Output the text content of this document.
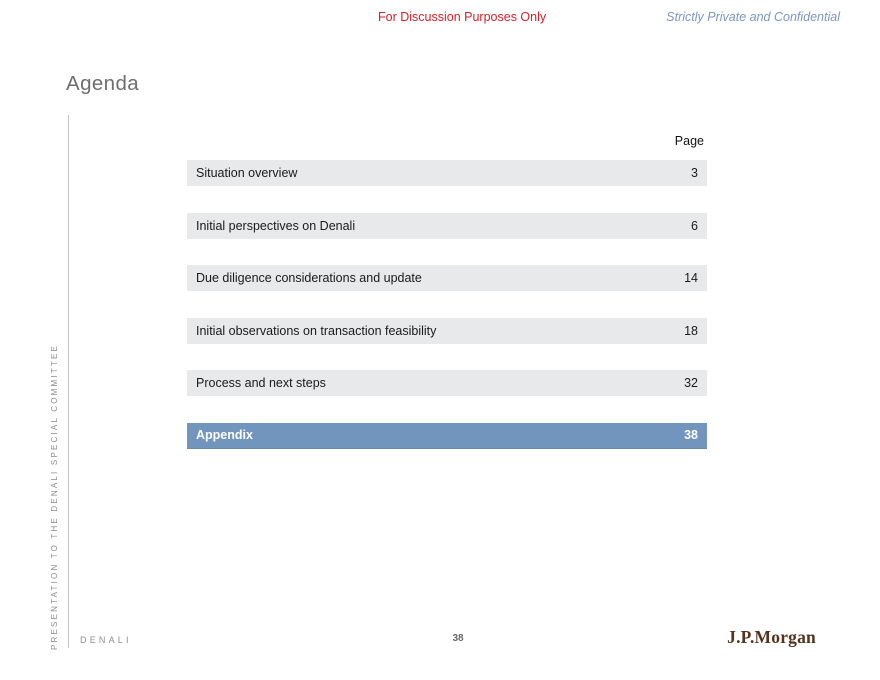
For Discussion Purposes Only	Strictly Private and Confidential
Agenda
PRESENTATION TO THE DENALI SPECIAL COMMITTEE
Page
Situation overview	3
Initial perspectives on Denali	6
Due diligence considerations and update	14
Initial observations on transaction feasibility	18
Process and next steps	32
Appendix	38
DENALI	38	J.P.Morgan
